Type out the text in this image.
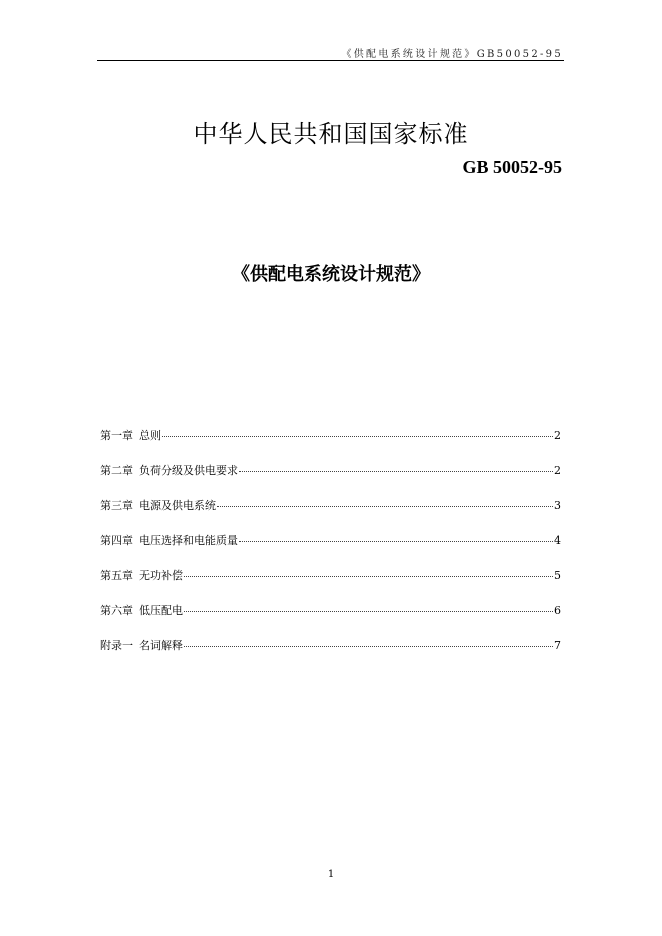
《供配电系统设计规范》GB50052-95
中华人民共和国国家标准
GB 50052-95
《供配电系统设计规范》
第一章 总则	2
第二章 负荷分级及供电要求	2
第三章 电源及供电系统	3
第四章 电压选择和电能质量	4
第五章 无功补偿	5
第六章 低压配电	6
附录一 名词解释	7
1
